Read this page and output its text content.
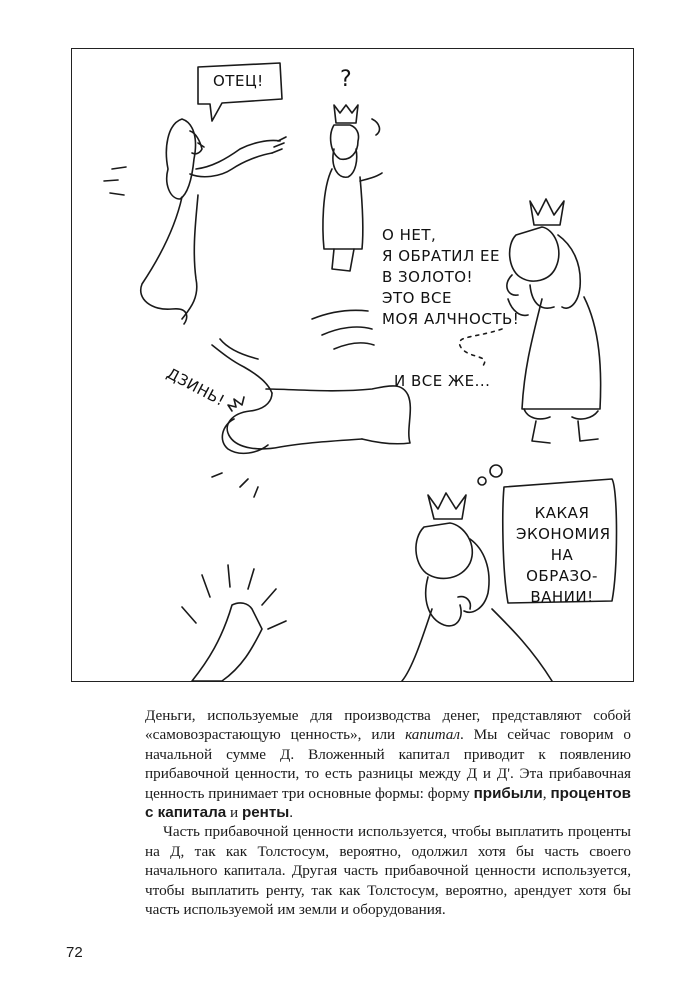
ОТЕЦ!	?
О НЕТ,
Я ОБРАТИЛ ЕЕ
В ЗОЛОТО!
ЭТО ВСЕ
МОЯ АЛЧНОСТЬ!
ДЗИНЬ!	И ВСЕ ЖЕ...
КАКАЯ
ЭКОНОМИЯ
НА ОБРАЗО-
ВАНИИ!

Деньги, используемые для производства денег, представляют собой «самовозрастающую ценность», или капитал. Мы сейчас говорим о начальной сумме Д. Вложенный капитал приводит к появлению прибавочной ценности, то есть разницы между Д и Д'. Эта прибавочная ценность принимает три основные формы: форму прибыли, процентов с капитала и ренты.

Часть прибавочной ценности используется, чтобы выплатить проценты на Д, так как Толстосум, вероятно, одолжил хотя бы часть своего начального капитала. Другая часть прибавочной ценности используется, чтобы выплатить ренту, так как Толстосум, вероятно, арендует хотя бы часть используемой им земли и оборудования.

72
